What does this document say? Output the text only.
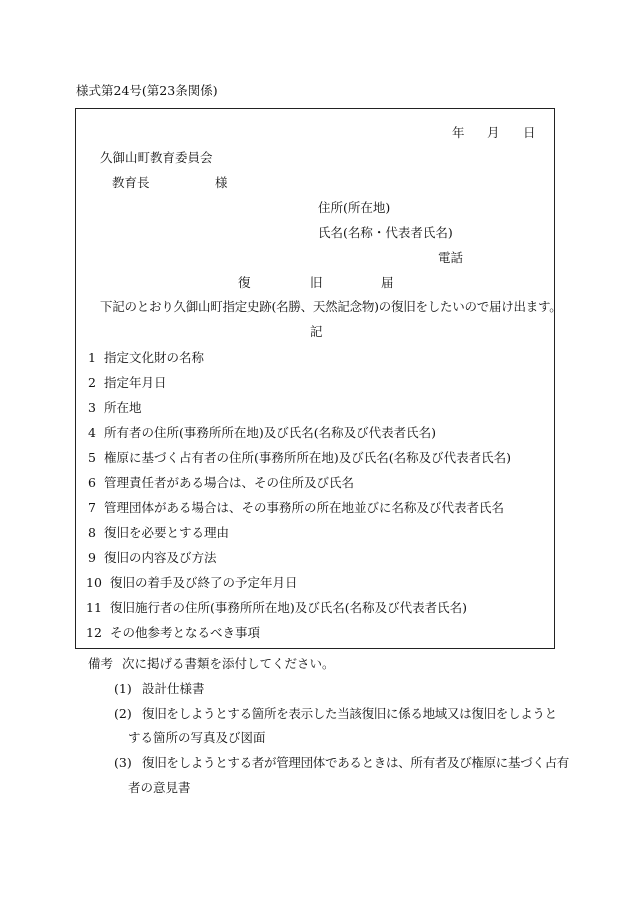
様式第24号(第23条関係)
年 月 日
久御山町教育委員会
教育長	様
住所(所在地)
氏名(名称・代表者氏名)
電話
復	旧	届
下記のとおり久御山町指定史跡(名勝、天然記念物)の復旧をしたいので届け出ます。
記
1 指定文化財の名称
2 指定年月日
3 所在地
4 所有者の住所(事務所所在地)及び氏名(名称及び代表者氏名)
5 権原に基づく占有者の住所(事務所所在地)及び氏名(名称及び代表者氏名)
6 管理責任者がある場合は、その住所及び氏名
7 管理団体がある場合は、その事務所の所在地並びに名称及び代表者氏名
8 復旧を必要とする理由
9 復旧の内容及び方法
10 復旧の着手及び終了の予定年月日
11 復旧施行者の住所(事務所所在地)及び氏名(名称及び代表者氏名)
12 その他参考となるべき事項
備考 次に掲げる書類を添付してください。
(1) 設計仕様書
(2) 復旧をしようとする箇所を表示した当該復旧に係る地域又は復旧をしようと
する箇所の写真及び図面
(3) 復旧をしようとする者が管理団体であるときは、所有者及び権原に基づく占有
者の意見書
